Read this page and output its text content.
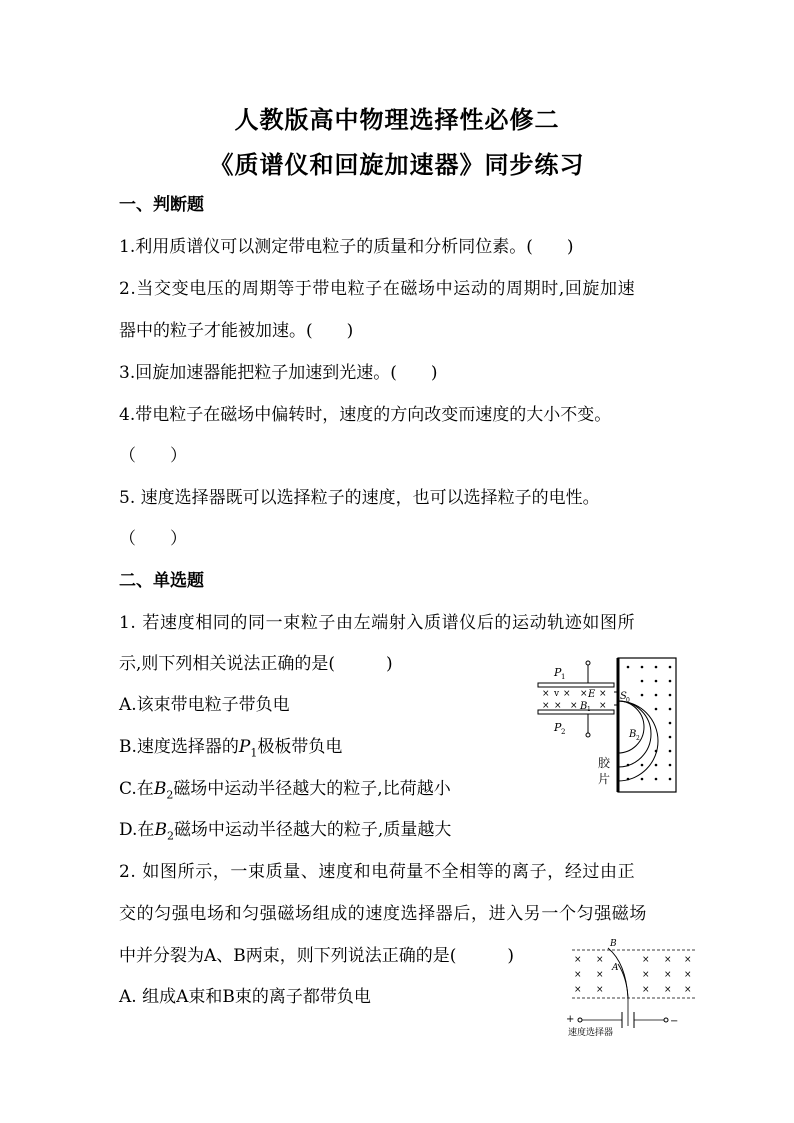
人教版高中物理选择性必修二
《质谱仪和回旋加速器》同步练习
一、判断题
1.利用质谱仪可以测定带电粒子的质量和分析同位素。(　　)
2.当交变电压的周期等于带电粒子在磁场中运动的周期时,回旋加速
器中的粒子才能被加速。(　　)
3.回旋加速器能把粒子加速到光速。(　　)
4.带电粒子在磁场中偏转时，速度的方向改变而速度的大小不变。
（　　）
5. 速度选择器既可以选择粒子的速度，也可以选择粒子的电性。
（　　）
二、单选题
1. 若速度相同的同一束粒子由左端射入质谱仪后的运动轨迹如图所
示,则下列相关说法正确的是(　　　)
A.该束带电粒子带负电
B.速度选择器的$P_1$极板带负电
C.在$B_2$磁场中运动半径越大的粒子,比荷越小
D.在$B_2$磁场中运动半径越大的粒子,质量越大
× v × × ×
× × × ×
P 1
P 2
E
B 1
S 0
B 2
胶
片
2. 如图所示，一束质量、速度和电荷量不全相等的离子，经过由正
交的匀强电场和匀强磁场组成的速度选择器后，进入另一个匀强磁场
中并分裂为A、B两束，则下列说法正确的是(　　　)
A. 组成A束和B束的离子都带负电
× ×	× × ×
× ×	× × ×
× ×	× × ×
B
A
+	−
速度选择器
